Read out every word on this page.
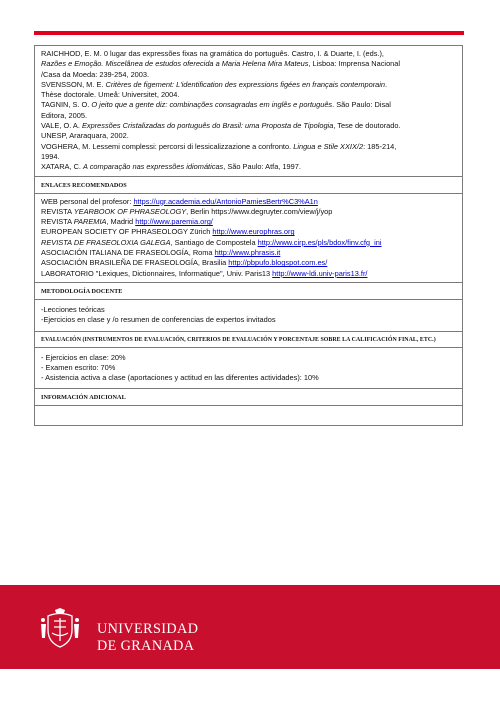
RAICHHOD, E. M. 0 lugar das expressões fixas na gramática do português. Castro, I. & Duarte, I. (eds.),
Razões e Emoção. Miscelânea de estudos oferecida a Maria Helena Mira Mateus, Lisboa: Imprensa Nacional
/Casa da Moeda: 239-254, 2003.
SVENSSON, M. E. Critères de figement: L'identification des expressions figées en français contemporain.
Thèse doctorale. Umeå: Universitet, 2004.
TAGNIN, S. O. O jeito que a gente diz: combinações consagradas em inglês e português. São Paulo: Disal
Editora, 2005.
VALE, O. A. Expressões Cristalizadas do português do Brasil: uma Proposta de Tipologia, Tese de doutorado.
UNESP, Araraquara, 2002.
VOGHERA, M. Lessemi complessi: percorsi di lessicalizzazione a confronto. Lingua e Stile XXIX/2: 185-214,
1994.
XATARA, C. A comparação nas expressões idiomáticas, São Paulo: Atfa, 1997.
ENLACES RECOMENDADOS
WEB personal del profesor: https://ugr.academia.edu/AntonioPamiesBertr%C3%A1n
REVISTA YEARBOOK OF PHRASEOLOGY, Berlin https://www.degruyter.com/view/j/yop
REVISTA PAREMIA, Madrid http://www.paremia.org/
EUROPEAN SOCIETY OF PHRASEOLOGY Zürich http://www.europhras.org
REVISTA DE FRASEOLOXIA GALEGA, Santiago de Compostela http://www.cirp.es/pls/bdox/finv.cfg_ini
ASOCIACIÓN ITALIANA DE FRASEOLOGÍA, Roma http://www.phrasis.it
ASOCIACIÓN BRASILEÑA DE FRASEOLOGÍA, Brasilia http://pbpufo.blogspot.com.es/
LABORATORIO "Lexiques, Dictionnaires, Informatique", Univ. Paris13 http://www-ldi.univ-paris13.fr/
METODOLOGÍA DOCENTE
-Lecciones teóricas
-Ejercicios en clase y /o resumen de conferencias de expertos invitados
EVALUACIÓN (INSTRUMENTOS DE EVALUACIÓN, CRITERIOS DE EVALUACIÓN Y PORCENTAJE SOBRE LA CALIFICACIÓN FINAL, ETC.)
- Ejercicios en clase: 20%
- Examen escrito: 70%
- Asistencia activa a clase (aportaciones y actitud en las diferentes actividades): 10%
INFORMACIÓN ADICIONAL
UNIVERSIDAD
DE GRANADA
